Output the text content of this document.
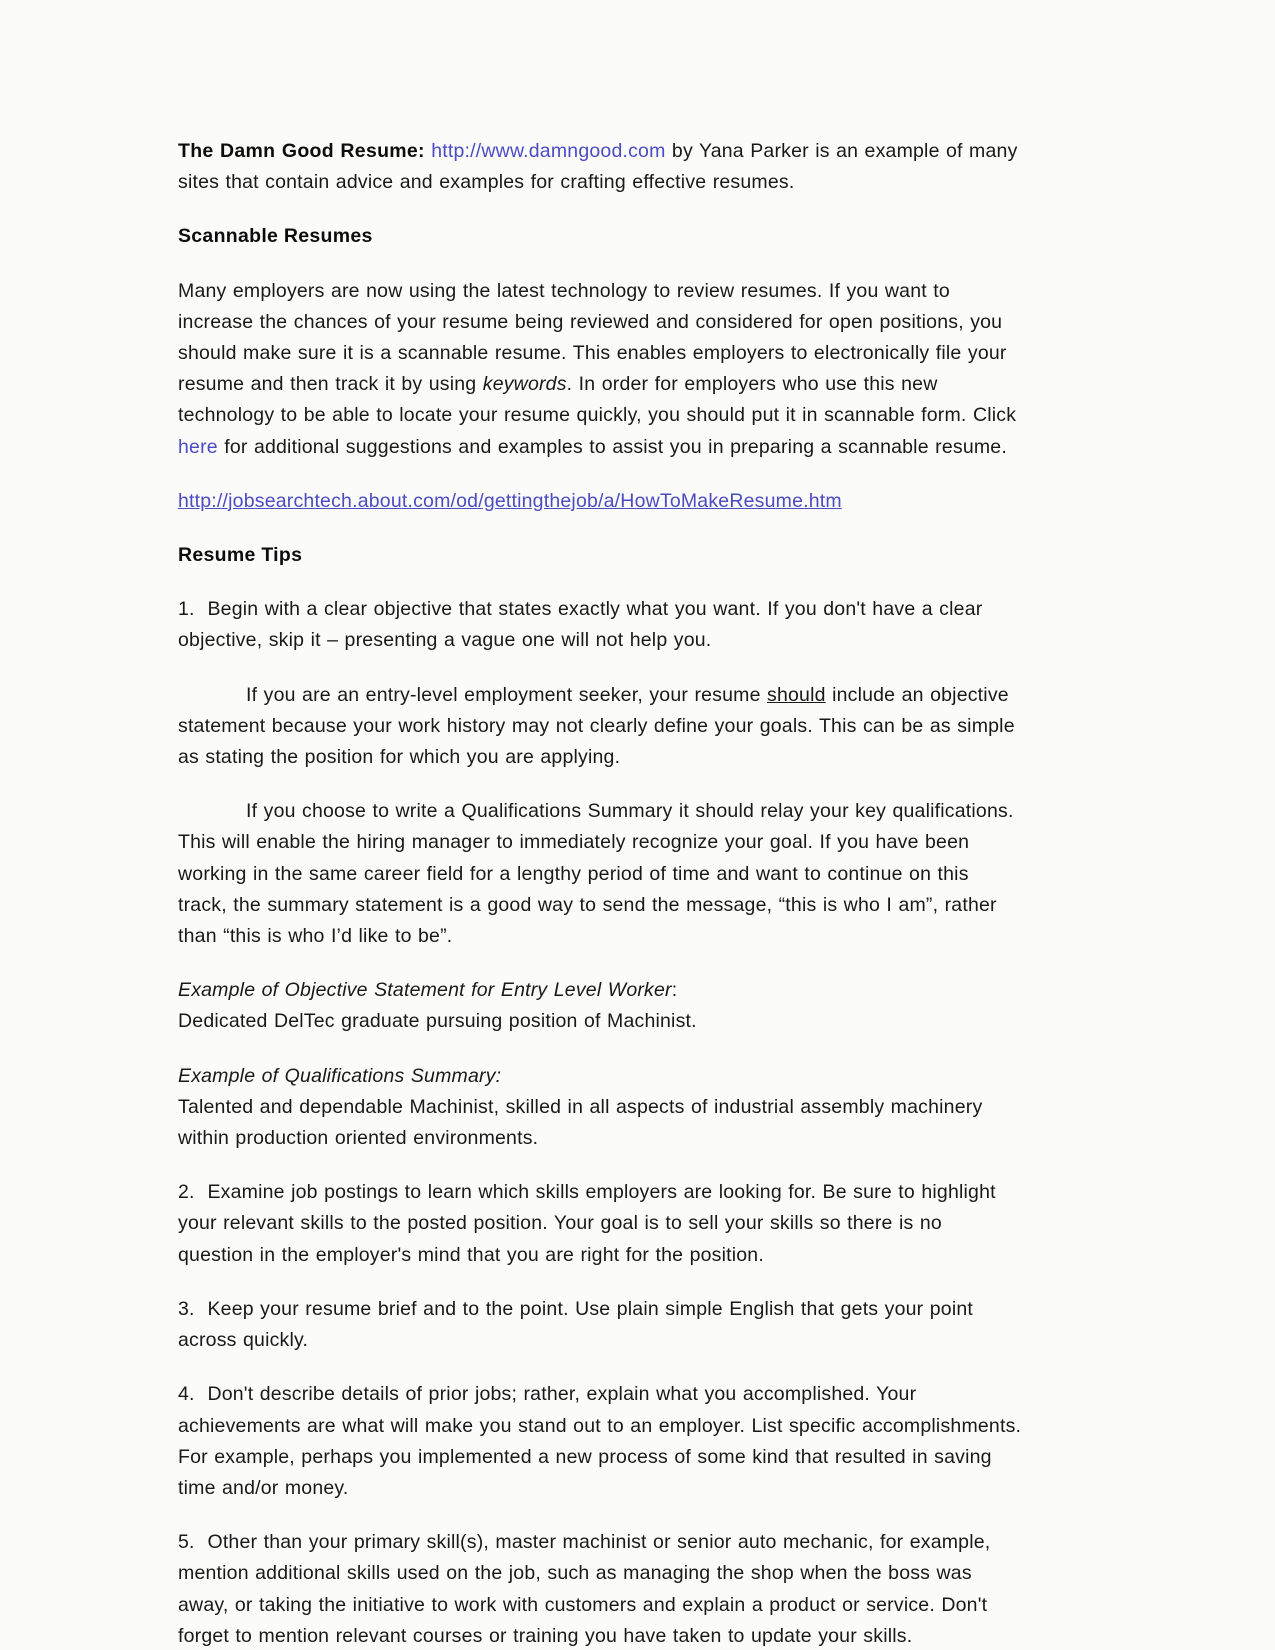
The Damn Good Resume: http://www.damngood.com by Yana Parker is an example of many sites that contain advice and examples for crafting effective resumes.

Scannable Resumes

Many employers are now using the latest technology to review resumes. If you want to increase the chances of your resume being reviewed and considered for open positions, you should make sure it is a scannable resume. This enables employers to electronically file your resume and then track it by using keywords. In order for employers who use this new technology to be able to locate your resume quickly, you should put it in scannable form. Click here for additional suggestions and examples to assist you in preparing a scannable resume.

http://jobsearchtech.about.com/od/gettingthejob/a/HowToMakeResume.htm
Resume Tips

1. Begin with a clear objective that states exactly what you want. If you don't have a clear objective, skip it – presenting a vague one will not help you.

If you are an entry-level employment seeker, your resume should include an objective statement because your work history may not clearly define your goals. This can be as simple as stating the position for which you are applying.

If you choose to write a Qualifications Summary it should relay your key qualifications. This will enable the hiring manager to immediately recognize your goal. If you have been working in the same career field for a lengthy period of time and want to continue on this track, the summary statement is a good way to send the message, “this is who I am”, rather than “this is who I’d like to be”.

Example of Objective Statement for Entry Level Worker:

Dedicated DelTec graduate pursuing position of Machinist.

Example of Qualifications Summary:

Talented and dependable Machinist, skilled in all aspects of industrial assembly machinery within production oriented environments.

2. Examine job postings to learn which skills employers are looking for. Be sure to highlight your relevant skills to the posted position. Your goal is to sell your skills so there is no question in the employer's mind that you are right for the position.

3. Keep your resume brief and to the point. Use plain simple English that gets your point across quickly.

4. Don't describe details of prior jobs; rather, explain what you accomplished. Your achievements are what will make you stand out to an employer. List specific accomplishments. For example, perhaps you implemented a new process of some kind that resulted in saving time and/or money.

5. Other than your primary skill(s), master machinist or senior auto mechanic, for example, mention additional skills used on the job, such as managing the shop when the boss was away, or taking the initiative to work with customers and explain a product or service. Don't forget to mention relevant courses or training you have taken to update your skills.
